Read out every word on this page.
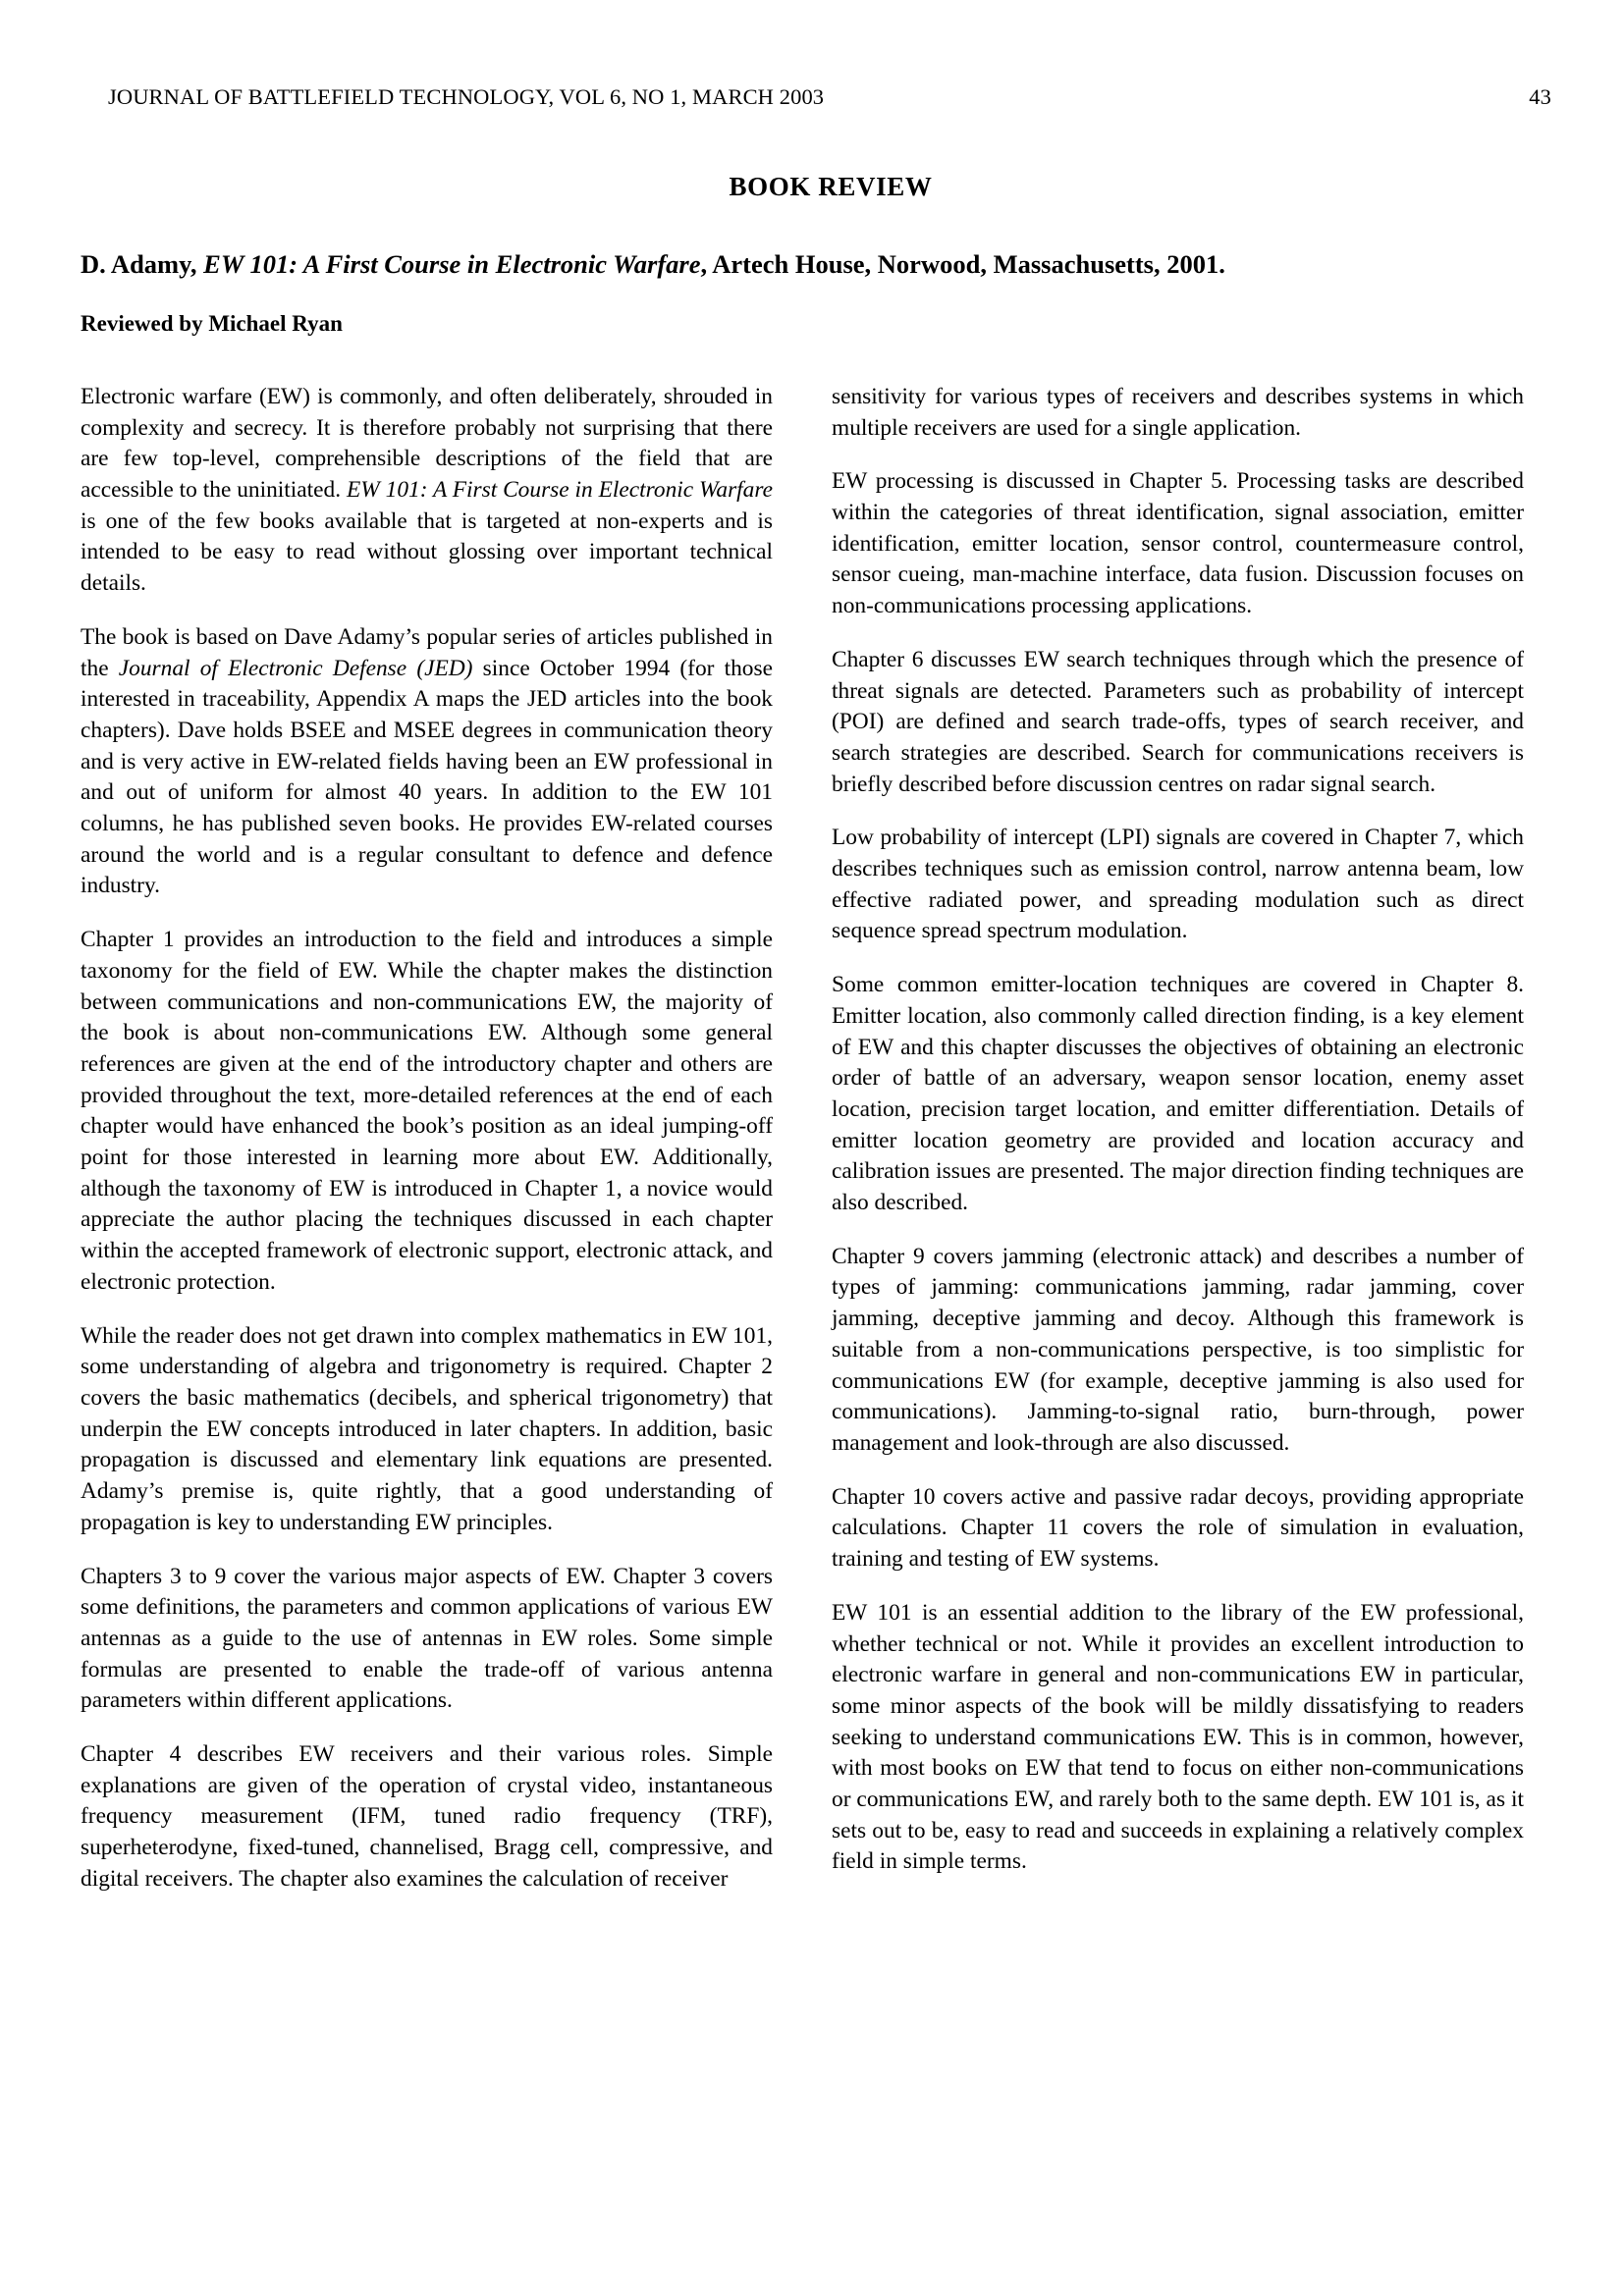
JOURNAL OF BATTLEFIELD TECHNOLOGY, VOL 6, NO 1, MARCH 2003	43
BOOK REVIEW
D. Adamy, EW 101: A First Course in Electronic Warfare, Artech House, Norwood, Massachusetts, 2001.
Reviewed by Michael Ryan

Electronic warfare (EW) is commonly, and often deliberately, shrouded in complexity and secrecy. It is therefore probably not surprising that there are few top-level, comprehensible descriptions of the field that are accessible to the uninitiated. EW 101: A First Course in Electronic Warfare is one of the few books available that is targeted at non-experts and is intended to be easy to read without glossing over important technical details.

The book is based on Dave Adamy’s popular series of articles published in the Journal of Electronic Defense (JED) since October 1994 (for those interested in traceability, Appendix A maps the JED articles into the book chapters). Dave holds BSEE and MSEE degrees in communication theory and is very active in EW-related fields having been an EW professional in and out of uniform for almost 40 years. In addition to the EW 101 columns, he has published seven books. He provides EW-related courses around the world and is a regular consultant to defence and defence industry.

Chapter 1 provides an introduction to the field and introduces a simple taxonomy for the field of EW. While the chapter makes the distinction between communications and non-communications EW, the majority of the book is about non-communications EW. Although some general references are given at the end of the introductory chapter and others are provided throughout the text, more-detailed references at the end of each chapter would have enhanced the book’s position as an ideal jumping-off point for those interested in learning more about EW. Additionally, although the taxonomy of EW is introduced in Chapter 1, a novice would appreciate the author placing the techniques discussed in each chapter within the accepted framework of electronic support, electronic attack, and electronic protection.

While the reader does not get drawn into complex mathematics in EW 101, some understanding of algebra and trigonometry is required. Chapter 2 covers the basic mathematics (decibels, and spherical trigonometry) that underpin the EW concepts introduced in later chapters. In addition, basic propagation is discussed and elementary link equations are presented. Adamy’s premise is, quite rightly, that a good understanding of propagation is key to understanding EW principles.

Chapters 3 to 9 cover the various major aspects of EW. Chapter 3 covers some definitions, the parameters and common applications of various EW antennas as a guide to the use of antennas in EW roles. Some simple formulas are presented to enable the trade-off of various antenna parameters within different applications.

Chapter 4 describes EW receivers and their various roles. Simple explanations are given of the operation of crystal video, instantaneous frequency measurement (IFM, tuned radio frequency (TRF), superheterodyne, fixed-tuned, channelised, Bragg cell, compressive, and digital receivers. The chapter also examines the calculation of receiver

sensitivity for various types of receivers and describes systems in which multiple receivers are used for a single application.

EW processing is discussed in Chapter 5. Processing tasks are described within the categories of threat identification, signal association, emitter identification, emitter location, sensor control, countermeasure control, sensor cueing, man-machine interface, data fusion. Discussion focuses on non-communications processing applications.

Chapter 6 discusses EW search techniques through which the presence of threat signals are detected. Parameters such as probability of intercept (POI) are defined and search trade-offs, types of search receiver, and search strategies are described. Search for communications receivers is briefly described before discussion centres on radar signal search.

Low probability of intercept (LPI) signals are covered in Chapter 7, which describes techniques such as emission control, narrow antenna beam, low effective radiated power, and spreading modulation such as direct sequence spread spectrum modulation.

Some common emitter-location techniques are covered in Chapter 8. Emitter location, also commonly called direction finding, is a key element of EW and this chapter discusses the objectives of obtaining an electronic order of battle of an adversary, weapon sensor location, enemy asset location, precision target location, and emitter differentiation. Details of emitter location geometry are provided and location accuracy and calibration issues are presented. The major direction finding techniques are also described.

Chapter 9 covers jamming (electronic attack) and describes a number of types of jamming: communications jamming, radar jamming, cover jamming, deceptive jamming and decoy. Although this framework is suitable from a non-communications perspective, is too simplistic for communications EW (for example, deceptive jamming is also used for communications). Jamming-to-signal ratio, burn-through, power management and look-through are also discussed.

Chapter 10 covers active and passive radar decoys, providing appropriate calculations. Chapter 11 covers the role of simulation in evaluation, training and testing of EW systems.

EW 101 is an essential addition to the library of the EW professional, whether technical or not. While it provides an excellent introduction to electronic warfare in general and non-communications EW in particular, some minor aspects of the book will be mildly dissatisfying to readers seeking to understand communications EW. This is in common, however, with most books on EW that tend to focus on either non-communications or communications EW, and rarely both to the same depth. EW 101 is, as it sets out to be, easy to read and succeeds in explaining a relatively complex field in simple terms.
